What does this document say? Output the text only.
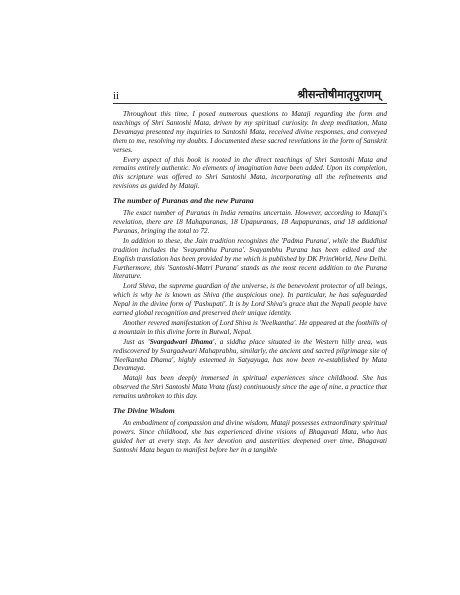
ii	श्रीसन्तोषीमातृपुराणम्

Throughout this time, I posed numerous questions to Mataji regarding the form and teachings of Shri Santoshi Mata, driven by my spiritual curiosity. In deep meditation, Mata Devamaya presented my inquiries to Santoshi Mata, received divine responses, and conveyed them to me, resolving my doubts. I documented these sacred revelations in the form of Sanskrit verses.

Every aspect of this book is rooted in the direct teachings of Shri Santoshi Mata and remains entirely authentic. No elements of imagination have been added. Upon its completion, this scripture was offered to Shri Santoshi Mata, incorporating all the refinements and revisions as guided by Mataji.

The number of Puranas and the new Purana

The exact number of Puranas in India remains uncertain. However, according to Mataji's revelation, there are 18 Mahapuranas, 18 Upapuranas, 18 Aupapuranas, and 18 additional Puranas, bringing the total to 72.

In addition to these, the Jain tradition recognizes the 'Padma Purana', while the Buddhist tradition includes the 'Svayambhu Purana'. Svayambhu Purana has been edited and the English translation has been provided by me which is published by DK PrintWorld, New Delhi. Furthermore, this 'Santoshi-Matri Purana' stands as the most recent addition to the Purana literature.

Lord Shiva, the supreme guardian of the universe, is the benevolent protector of all beings, which is why he is known as Shiva (the auspicious one). In particular, he has safeguarded Nepal in the divine form of 'Pashupati'. It is by Lord Shiva's grace that the Nepali people have earned global recognition and preserved their unique identity.

Another revered manifestation of Lord Shiva is 'Neelkantha'. He appeared at the foothills of a mountain in this divine form in Butwal, Nepal.

Just as 'Svargadwari Dhama', a siddha place situated in the Western hilly area, was rediscovered by Svargadwari Mahaprabhu, similarly, the ancient and sacred pilgrimage site of 'Neelkantha Dhama', highly esteemed in Satyayuga, has now been re-established by Mata Devamaya.

Mataji has been deeply immersed in spiritual experiences since childhood. She has observed the Shri Santoshi Mata Vrata (fast) continuously since the age of nine, a practice that remains unbroken to this day.

The Divine Wisdom

An embodiment of compassion and divine wisdom, Mataji possesses extraordinary spiritual powers. Since childhood, she has experienced divine visions of Bhagavati Mata, who has guided her at every step. As her devotion and austerities deepened over time, Bhagavati Santoshi Mata began to manifest before her in a tangible
